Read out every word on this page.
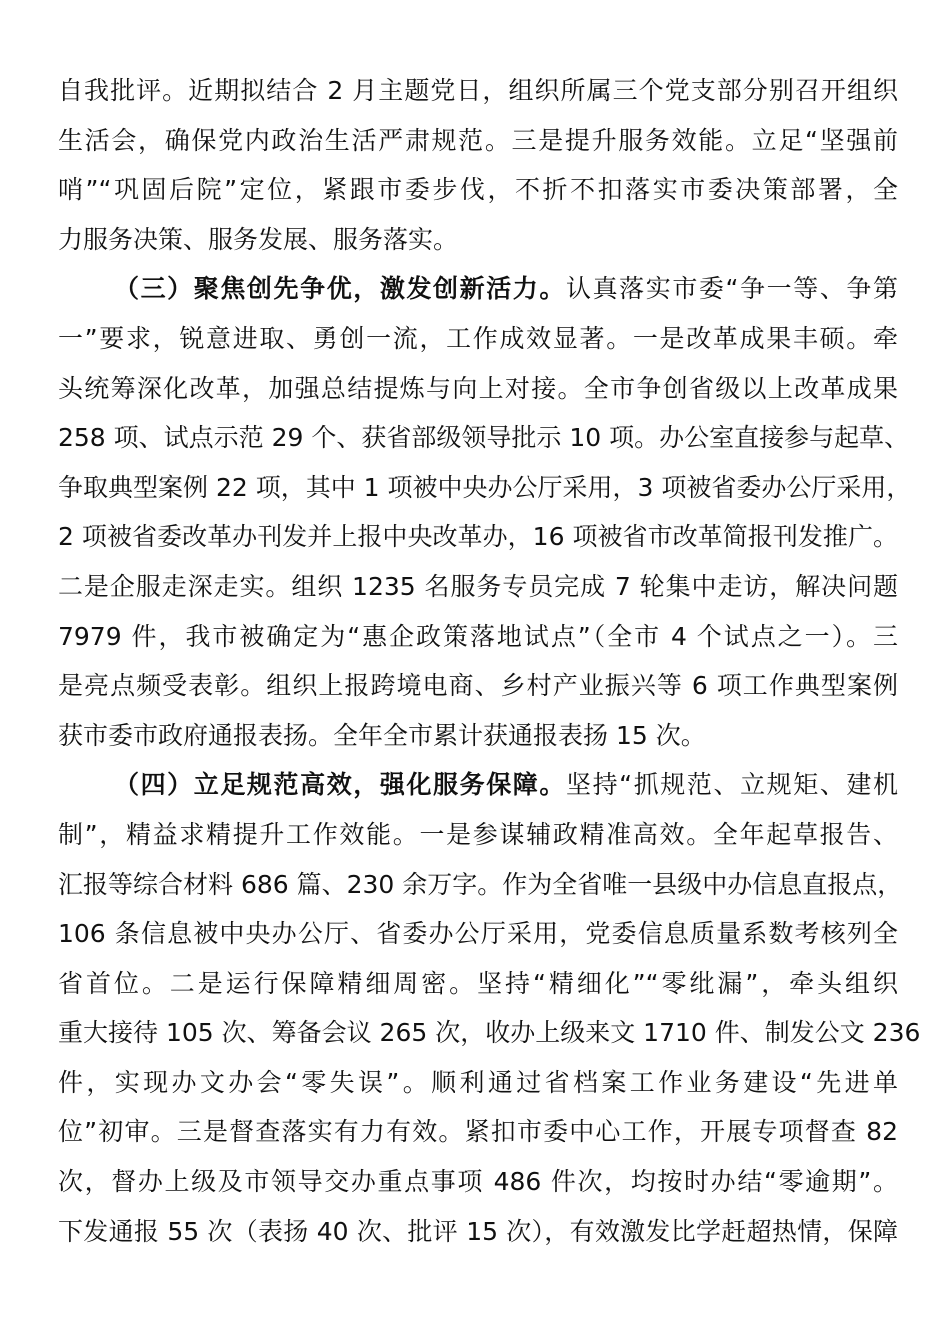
自我批评。近期拟结合 2 月主题党日，组织所属三个党支部分别召开组织
生活会，确保党内政治生活严肃规范。三是提升服务效能。立足“坚强前
哨”“巩固后院”定位，紧跟市委步伐，不折不扣落实市委决策部署，全
力服务决策、服务发展、服务落实。
（三）聚焦创先争优，激发创新活力。认真落实市委“争一等、争第
一”要求，锐意进取、勇创一流，工作成效显著。一是改革成果丰硕。牵
头统筹深化改革，加强总结提炼与向上对接。全市争创省级以上改革成果
258 项、试点示范 29 个、获省部级领导批示 10 项。办公室直接参与起草、
争取典型案例 22 项，其中 1 项被中央办公厅采用，3 项被省委办公厅采用，
2 项被省委改革办刊发并上报中央改革办，16 项被省市改革简报刊发推广。
二是企服走深走实。组织 1235 名服务专员完成 7 轮集中走访，解决问题
7979 件，我市被确定为“惠企政策落地试点”（全市 4 个试点之一）。三
是亮点频受表彰。组织上报跨境电商、乡村产业振兴等 6 项工作典型案例
获市委市政府通报表扬。全年全市累计获通报表扬 15 次。
（四）立足规范高效，强化服务保障。坚持“抓规范、立规矩、建机
制”，精益求精提升工作效能。一是参谋辅政精准高效。全年起草报告、
汇报等综合材料 686 篇、230 余万字。作为全省唯一县级中办信息直报点，
106 条信息被中央办公厅、省委办公厅采用，党委信息质量系数考核列全
省首位。二是运行保障精细周密。坚持“精细化”“零纰漏”，牵头组织
重大接待 105 次、筹备会议 265 次，收办上级来文 1710 件、制发公文 236
件，实现办文办会“零失误”。顺利通过省档案工作业务建设“先进单
位”初审。三是督查落实有力有效。紧扣市委中心工作，开展专项督查 82
次，督办上级及市领导交办重点事项 486 件次，均按时办结“零逾期”。
下发通报 55 次（表扬 40 次、批评 15 次），有效激发比学赶超热情，保障
